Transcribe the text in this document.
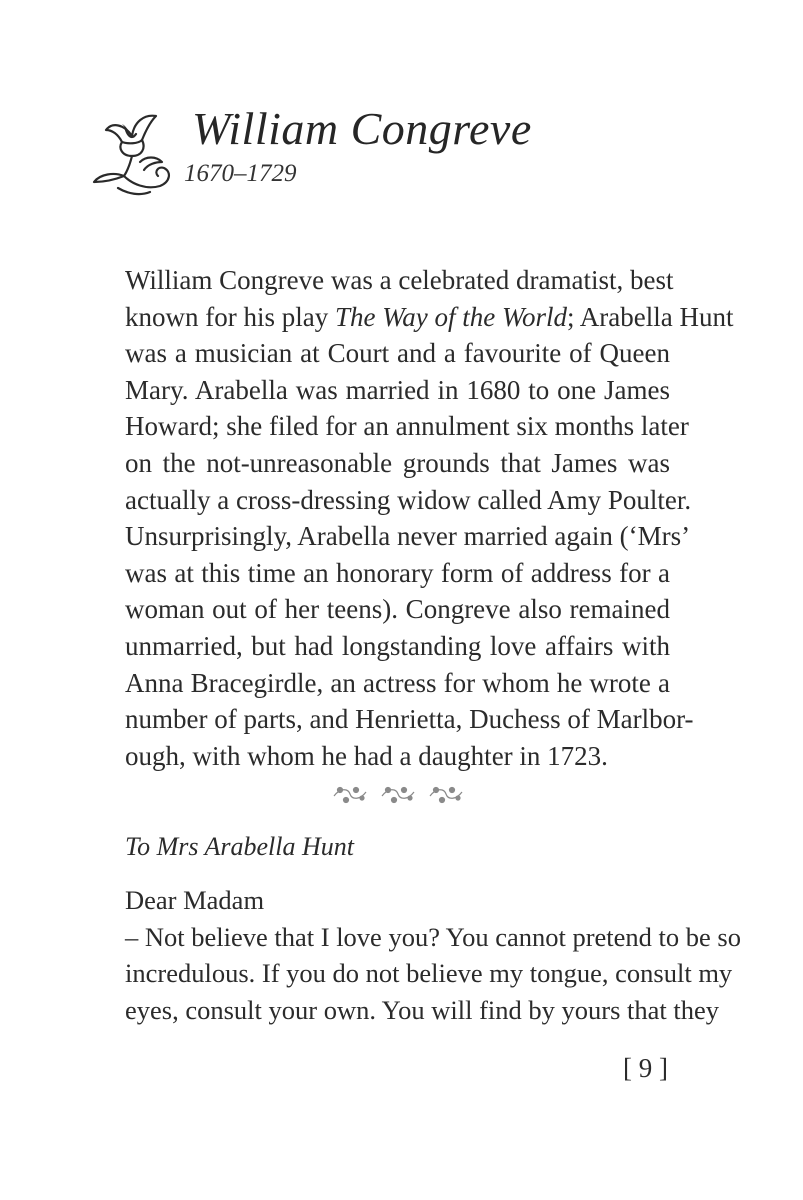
William Congreve
1670–1729
William Congreve was a celebrated dramatist, best
known for his play The Way of the World; Arabella Hunt
was a musician at Court and a favourite of Queen
Mary. Arabella was married in 1680 to one James
Howard; she filed for an annulment six months later
on the not-unreasonable grounds that James was
actually a cross-dressing widow called Amy Poulter.
Unsurprisingly, Arabella never married again (‘Mrs’
was at this time an honorary form of address for a
woman out of her teens). Congreve also remained
unmarried, but had longstanding love affairs with
Anna Bracegirdle, an actress for whom he wrote a
number of parts, and Henrietta, Duchess of Marlbor-
ough, with whom he had a daughter in 1723.
To Mrs Arabella Hunt
Dear Madam
– Not believe that I love you? You cannot pretend to be so
incredulous. If you do not believe my tongue, consult my
eyes, consult your own. You will find by yours that they
[ 9 ]
